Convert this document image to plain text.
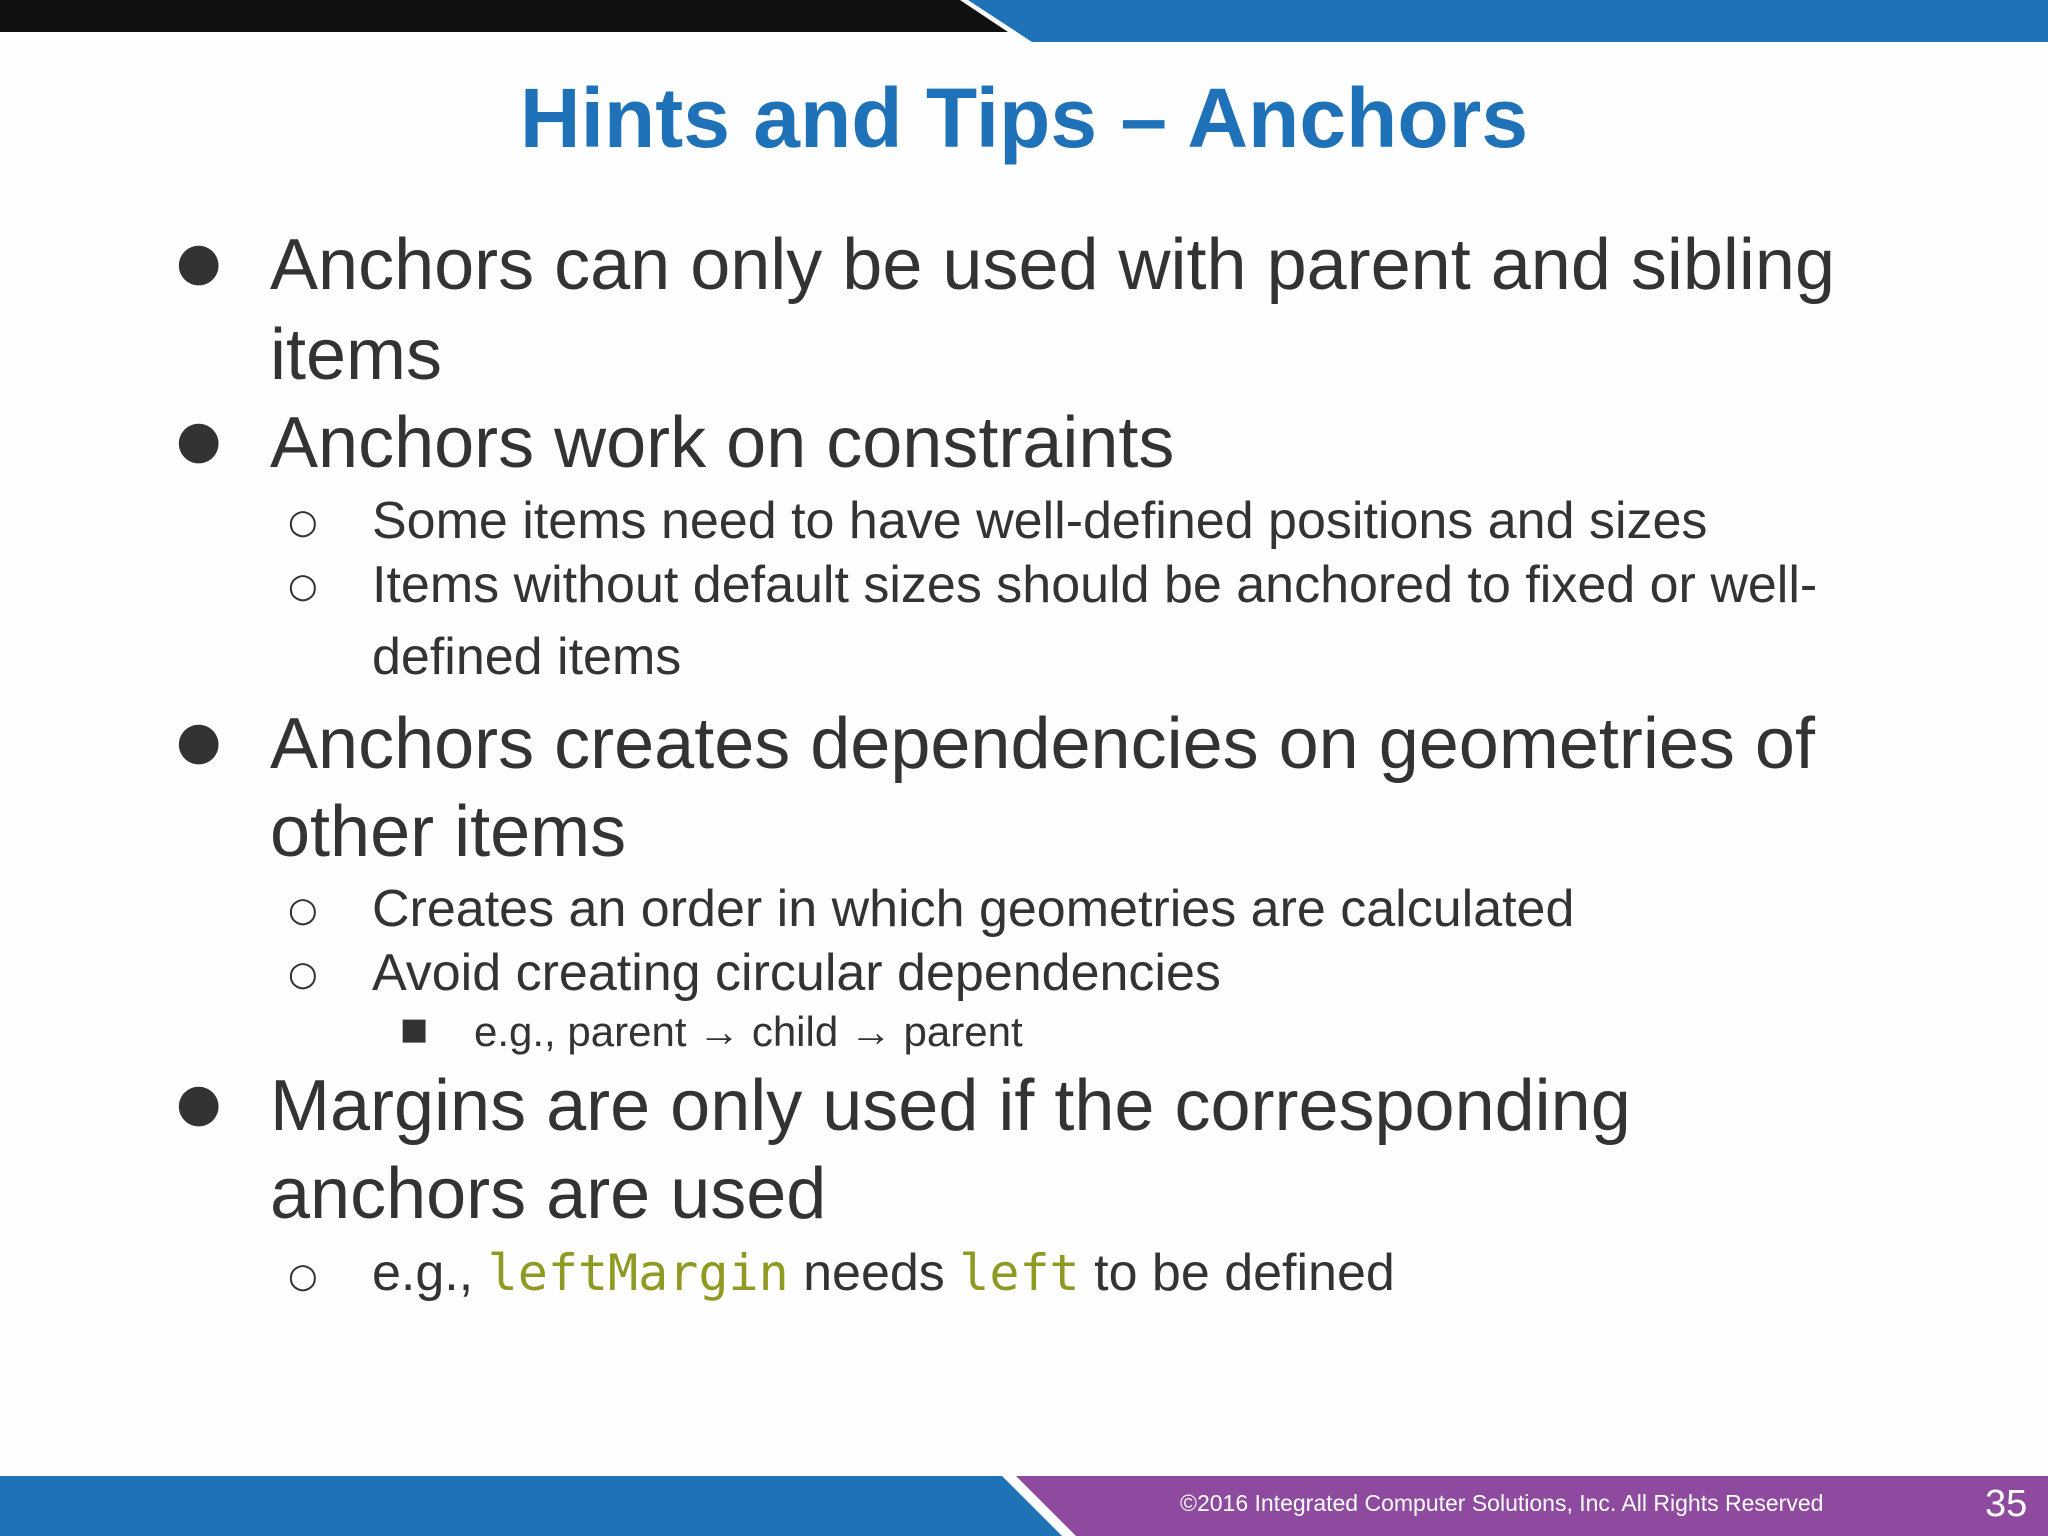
Hints and Tips – Anchors
● Anchors can only be used with parent and sibling
items
● Anchors work on constraints
○ Some items need to have well-defined positions and sizes
○ Items without default sizes should be anchored to fixed or well-
defined items
● Anchors creates dependencies on geometries of
other items
○ Creates an order in which geometries are calculated
○ Avoid creating circular dependencies
■ e.g., parent → child → parent
● Margins are only used if the corresponding
anchors are used
○ e.g., leftMargin needs left to be defined
©2016 Integrated Computer Solutions, Inc. All Rights Reserved	35
